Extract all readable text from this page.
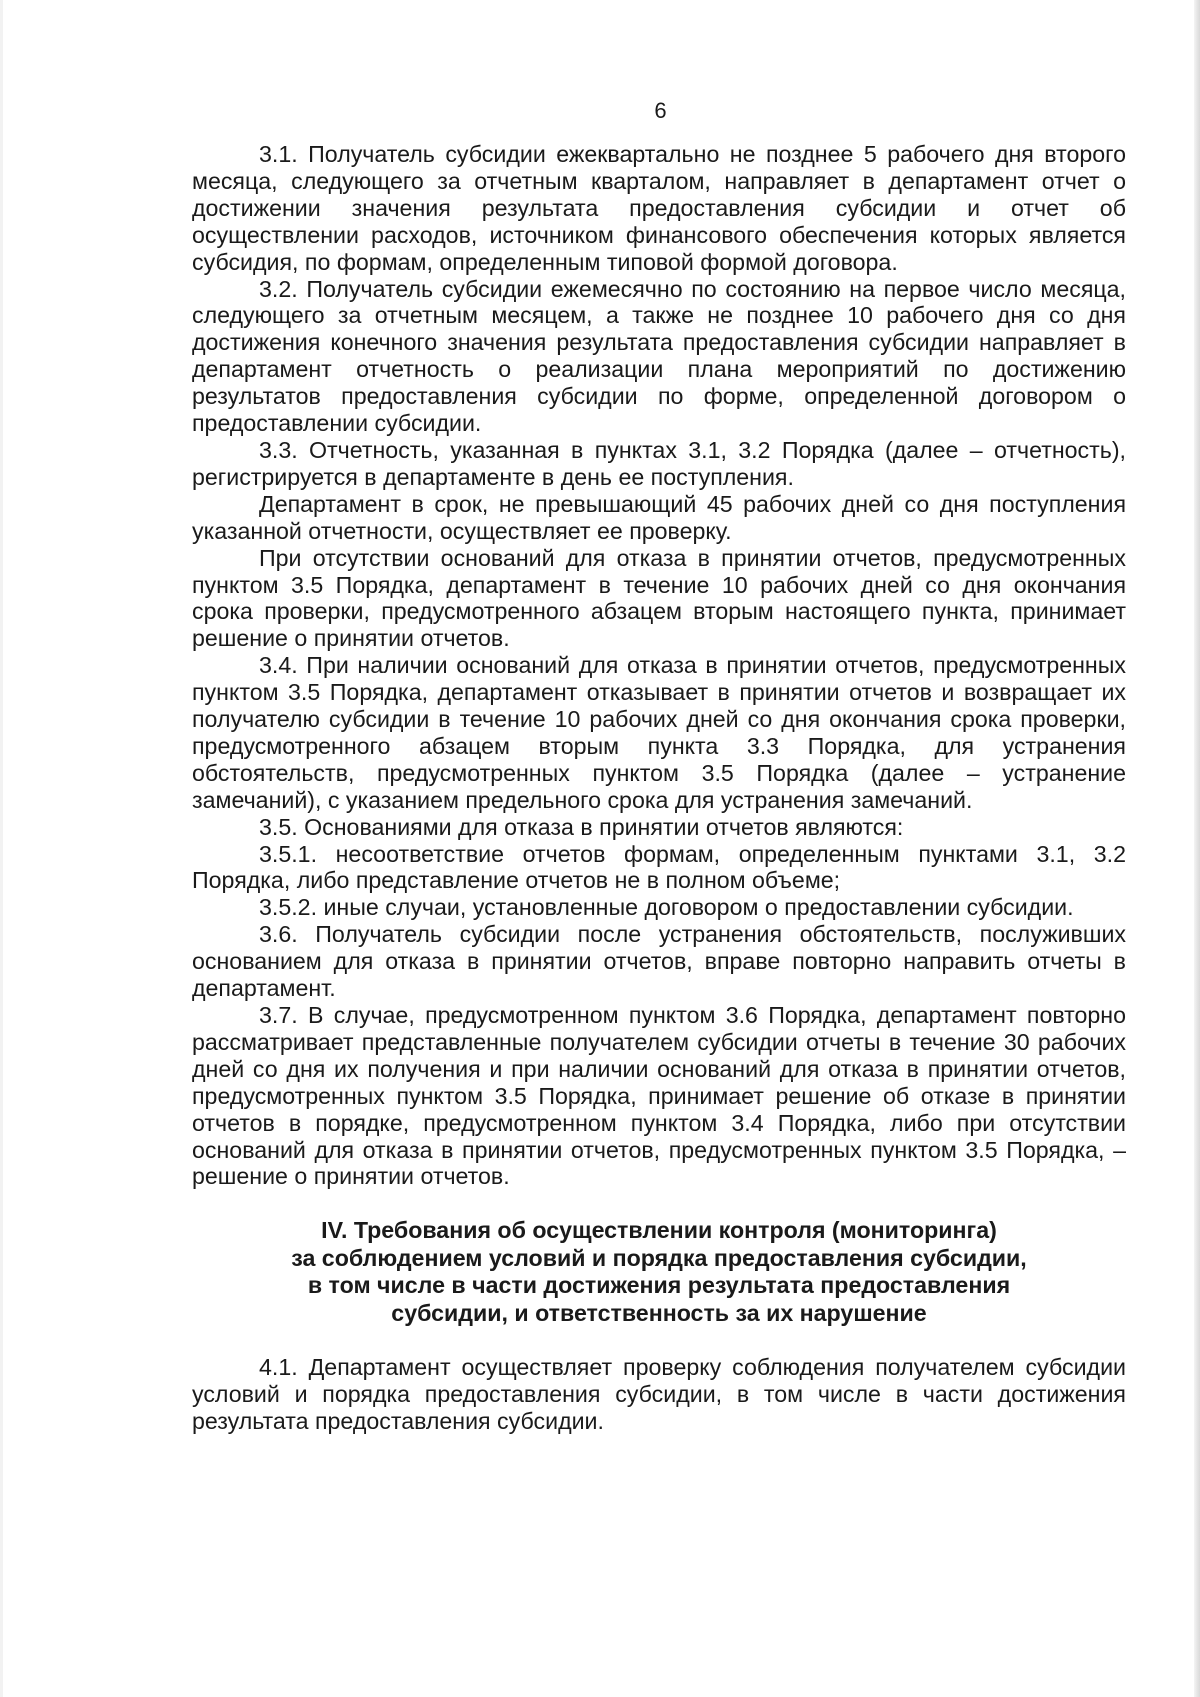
6

3.1. Получатель субсидии ежеквартально не позднее 5 рабочего дня второго месяца, следующего за отчетным кварталом, направляет в департамент отчет о достижении значения результата предоставления субсидии и отчет об осуществлении расходов, источником финансового обеспечения которых является субсидия, по формам, определенным типовой формой договора.

3.2. Получатель субсидии ежемесячно по состоянию на первое число месяца, следующего за отчетным месяцем, а также не позднее 10 рабочего дня со дня достижения конечного значения результата предоставления субсидии направляет в департамент отчетность о реализации плана мероприятий по достижению результатов предоставления субсидии по форме, определенной договором о предоставлении субсидии.

3.3. Отчетность, указанная в пунктах 3.1, 3.2 Порядка (далее – отчетность), регистрируется в департаменте в день ее поступления.

Департамент в срок, не превышающий 45 рабочих дней со дня поступления указанной отчетности, осуществляет ее проверку.

При отсутствии оснований для отказа в принятии отчетов, предусмотренных пунктом 3.5 Порядка, департамент в течение 10 рабочих дней со дня окончания срока проверки, предусмотренного абзацем вторым настоящего пункта, принимает решение о принятии отчетов.

3.4. При наличии оснований для отказа в принятии отчетов, предусмотренных пунктом 3.5 Порядка, департамент отказывает в принятии отчетов и возвращает их получателю субсидии в течение 10 рабочих дней со дня окончания срока проверки, предусмотренного абзацем вторым пункта 3.3 Порядка, для устранения обстоятельств, предусмотренных пунктом 3.5 Порядка (далее – устранение замечаний), с указанием предельного срока для устранения замечаний.

3.5. Основаниями для отказа в принятии отчетов являются:

3.5.1. несоответствие отчетов формам, определенным пунктами 3.1, 3.2 Порядка, либо представление отчетов не в полном объеме;

3.5.2. иные случаи, установленные договором о предоставлении субсидии.

3.6. Получатель субсидии после устранения обстоятельств, послуживших основанием для отказа в принятии отчетов, вправе повторно направить отчеты в департамент.

3.7. В случае, предусмотренном пунктом 3.6 Порядка, департамент повторно рассматривает представленные получателем субсидии отчеты в течение 30 рабочих дней со дня их получения и при наличии оснований для отказа в принятии отчетов, предусмотренных пунктом 3.5 Порядка, принимает решение об отказе в принятии отчетов в порядке, предусмотренном пунктом 3.4 Порядка, либо при отсутствии оснований для отказа в принятии отчетов, предусмотренных пунктом 3.5 Порядка, – решение о принятии отчетов.

IV. Требования об осуществлении контроля (мониторинга)
за соблюдением условий и порядка предоставления субсидии,
в том числе в части достижения результата предоставления
субсидии, и ответственность за их нарушение

4.1. Департамент осуществляет проверку соблюдения получателем субсидии условий и порядка предоставления субсидии, в том числе в части достижения результата предоставления субсидии.
